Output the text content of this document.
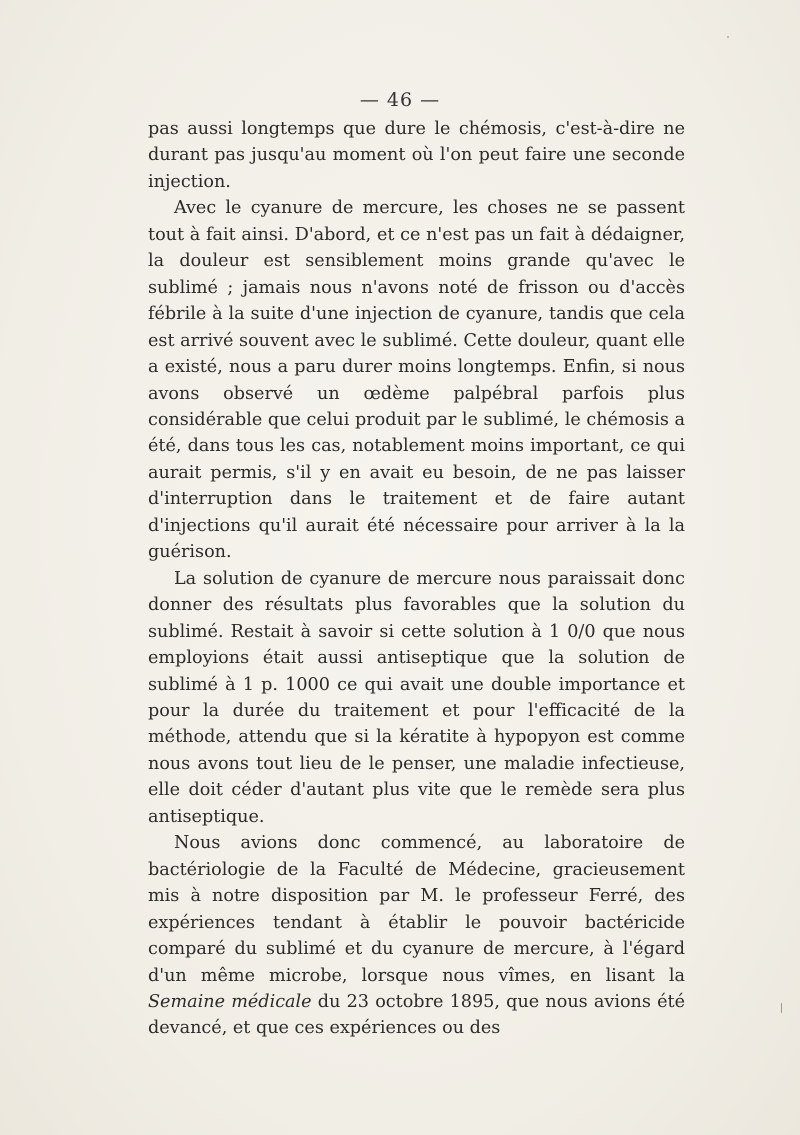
— 46 —

pas aussi longtemps que dure le chémosis, c'est-à-dire ne durant pas jusqu'au moment où l'on peut faire une seconde injection.

Avec le cyanure de mercure, les choses ne se passent tout à fait ainsi. D'abord, et ce n'est pas un fait à dédaigner, la douleur est sensiblement moins grande qu'avec le sublimé ; jamais nous n'avons noté de frisson ou d'accès fébrile à la suite d'une injection de cyanure, tandis que cela est arrivé souvent avec le sublimé. Cette douleur, quant elle a existé, nous a paru durer moins longtemps. Enfin, si nous avons observé un œdème palpébral parfois plus considérable que celui produit par le sublimé, le chémosis a été, dans tous les cas, notablement moins important, ce qui aurait permis, s'il y en avait eu besoin, de ne pas laisser d'interruption dans le traitement et de faire autant d'injections qu'il aurait été nécessaire pour arriver à la la guérison.

La solution de cyanure de mercure nous paraissait donc donner des résultats plus favorables que la solution du sublimé. Restait à savoir si cette solution à 1 0/0 que nous employions était aussi antiseptique que la solution de sublimé à 1 p. 1000 ce qui avait une double importance et pour la durée du traitement et pour l'efficacité de la méthode, attendu que si la kératite à hypopyon est comme nous avons tout lieu de le penser, une maladie infectieuse, elle doit céder d'autant plus vite que le remède sera plus antiseptique.

Nous avions donc commencé, au laboratoire de bactériologie de la Faculté de Médecine, gracieusement mis à notre disposition par M. le professeur Ferré, des expériences tendant à établir le pouvoir bactéricide comparé du sublimé et du cyanure de mercure, à l'égard d'un même microbe, lorsque nous vîmes, en lisant la Semaine médicale du 23 octobre 1895, que nous avions été devancé, et que ces expériences ou des
